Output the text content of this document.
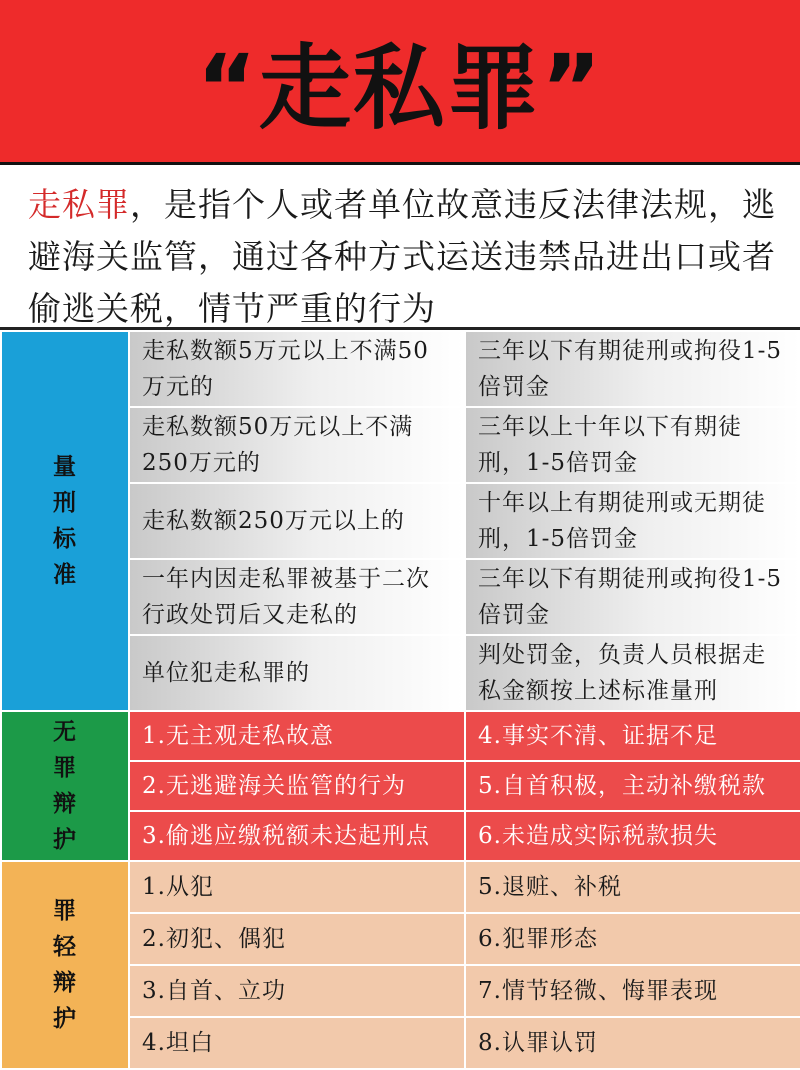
“走私罪”
走私罪，是指个人或者单位故意违反法律法规，逃避海关监管，通过各种方式运送违禁品进出口或者偷逃关税，情节严重的行为
量刑标准	走私数额5万元以上不满50万元的	三年以下有期徒刑或拘役1-5倍罚金
	走私数额50万元以上不满250万元的	三年以上十年以下有期徒刑，1-5倍罚金
	走私数额250万元以上的	十年以上有期徒刑或无期徒刑，1-5倍罚金
	一年内因走私罪被基于二次行政处罚后又走私的	三年以下有期徒刑或拘役1-5倍罚金
	单位犯走私罪的	判处罚金，负责人员根据走私金额按上述标准量刑

无罪辩护	1.无主观走私故意	4.事实不清、证据不足
	2.无逃避海关监管的行为	5.自首积极，主动补缴税款
	3.偷逃应缴税额未达起刑点	6.未造成实际税款损失

罪轻辩护	1.从犯	5.退赃、补税
	2.初犯、偶犯	6.犯罪形态
	3.自首、立功	7.情节轻微、悔罪表现
	4.坦白	8.认罪认罚
